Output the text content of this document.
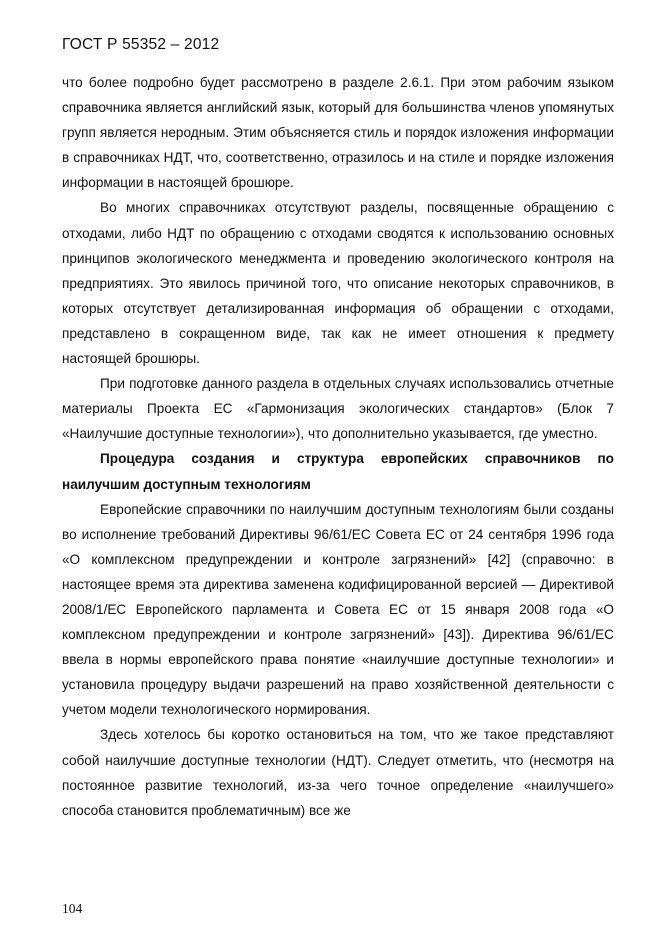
ГОСТ Р 55352 – 2012

что более подробно будет рассмотрено в разделе 2.6.1. При этом рабочим языком справочника является английский язык, который для большинства членов упомянутых групп является неродным. Этим объясняется стиль и порядок изложения информации в справочниках НДТ, что, соответственно, отразилось и на стиле и порядке изложения информации в настоящей брошюре.

Во многих справочниках отсутствуют разделы, посвященные обращению с отходами, либо НДТ по обращению с отходами сводятся к использованию основных принципов экологического менеджмента и проведению экологического контроля на предприятиях. Это явилось причиной того, что описание некоторых справочников, в которых отсутствует детализированная информация об обращении с отходами, представлено в сокращенном виде, так как не имеет отношения к предмету настоящей брошюры.

При подготовке данного раздела в отдельных случаях использовались отчетные материалы Проекта ЕС «Гармонизация экологических стандартов» (Блок 7 «Наилучшие доступные технологии»), что дополнительно указывается, где уместно.

Процедура создания и структура европейских справочников по наилучшим доступным технологиям

Европейские справочники по наилучшим доступным технологиям были созданы во исполнение требований Директивы 96/61/ЕС Совета ЕС от 24 сентября 1996 года «О комплексном предупреждении и контроле загрязнений» [42] (справочно: в настоящее время эта директива заменена кодифицированной версией — Директивой 2008/1/ЕС Европейского парламента и Совета ЕС от 15 января 2008 года «О комплексном предупреждении и контроле загрязнений» [43]). Директива 96/61/ЕС ввела в нормы европейского права понятие «наилучшие доступные технологии» и установила процедуру выдачи разрешений на право хозяйственной деятельности с учетом модели технологического нормирования.

Здесь хотелось бы коротко остановиться на том, что же такое представляют собой наилучшие доступные технологии (НДТ). Следует отметить, что (несмотря на постоянное развитие технологий, из-за чего точное определение «наилучшего» способа становится проблематичным) все же

104
